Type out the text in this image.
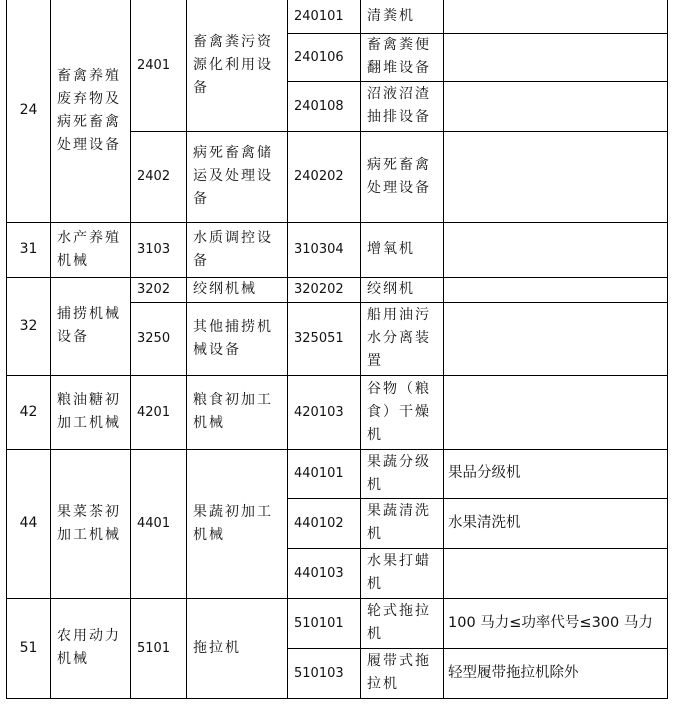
24	畜禽养殖废弃物及病死畜禽处理设备	2401	畜禽粪污资源化利用设备	240101	清粪机	
				240106	畜禽粪便翻堆设备	
				240108	沼液沼渣抽排设备	
		2402	病死畜禽储运及处理设备	240202	病死畜禽处理设备	
31	水产养殖机械	3103	水质调控设备	310304	增氧机	
32	捕捞机械设备	3202	绞纲机械	320202	绞纲机	
		3250	其他捕捞机械设备	325051	船用油污水分离装置	
42	粮油糖初加工机械	4201	粮食初加工机械	420103	谷物（粮食）干燥机	
44	果菜茶初加工机械	4401	果蔬初加工机械	440101	果蔬分级机	果品分级机
				440102	果蔬清洗机	水果清洗机
				440103	水果打蜡机	
51	农用动力机械	5101	拖拉机	510101	轮式拖拉机	100 马力≤功率代号≤300 马力
				510103	履带式拖拉机	轻型履带拖拉机除外
